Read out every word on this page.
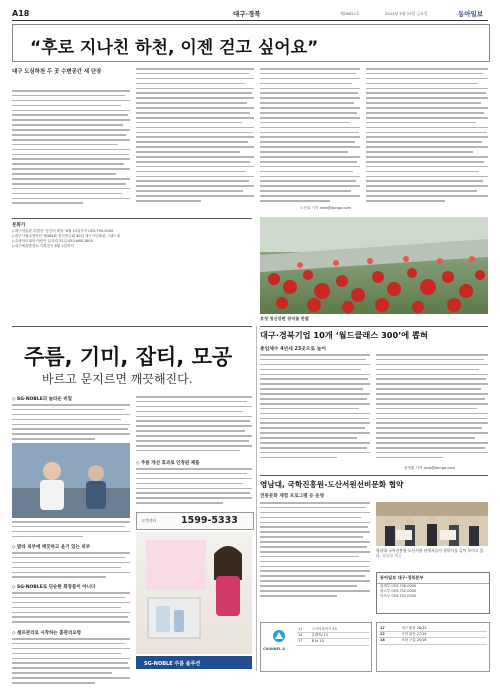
A18	대구·경북	제26637호	2014년 5월 23일 금요일	동아일보
“후로 지나친 하천, 이젠 걷고 싶어요”
대구 도심하천 두 곳 수변공간 새 단장
노인호 기자 inho@donga.com
문화가
▷대구미술관 특별전 ‘공간의 확장’ 6월 15일까지 053-790-3000
▷대구시립교향악단 제405회 정기연주회 30일 대구시민회관 그랜드홀
▷수성아트피아 어린이 뮤지컬 31일 053-668-1800
▷대구예술발전소 기획전시 6월 1일까지
호젓 청신강변 장미꽃 만발
주름, 기미, 잡티, 모공
바르고 문지르면 깨끗해진다.
◇ SG-NOBLE의 놀라운 비밀
◇ 발라 피부에 깨끗하고 윤기 있는 피부
◇ SG-NOBLE로 단순한 화장품이 아니다
◇ 셀프관리로 시작하는 홈관리요령
◇ 주름 개선 효과로 인정된 제품
고객센터	1599-5333
SG-NOBLE 주름 솔루션
대구·경북기업 10개 ‘월드클래스 300’에 뽑혀
총업체수 4년새 23곳으로 늘어
장영훈 기자 jang@donga.com
영남대, 국학진흥원-도산서원선비문화 협약
전통문화 체험 프로그램 등 운영
영남대·국학진흥원·도산서원 관계자들이 협약서를 들어 보이고 있다. 영남대 제공
동아일보 대구·경북본부
취재부 053-756-0000
광고부 053-752-0000
독자부 053-752-0000
CHANNEL A
11	스카이라이프 13
14	올레TV 15
17	B tv 10
17	대구 맑음 28/15
22	구미 맑음 27/14
18	포항 구름 25/16
